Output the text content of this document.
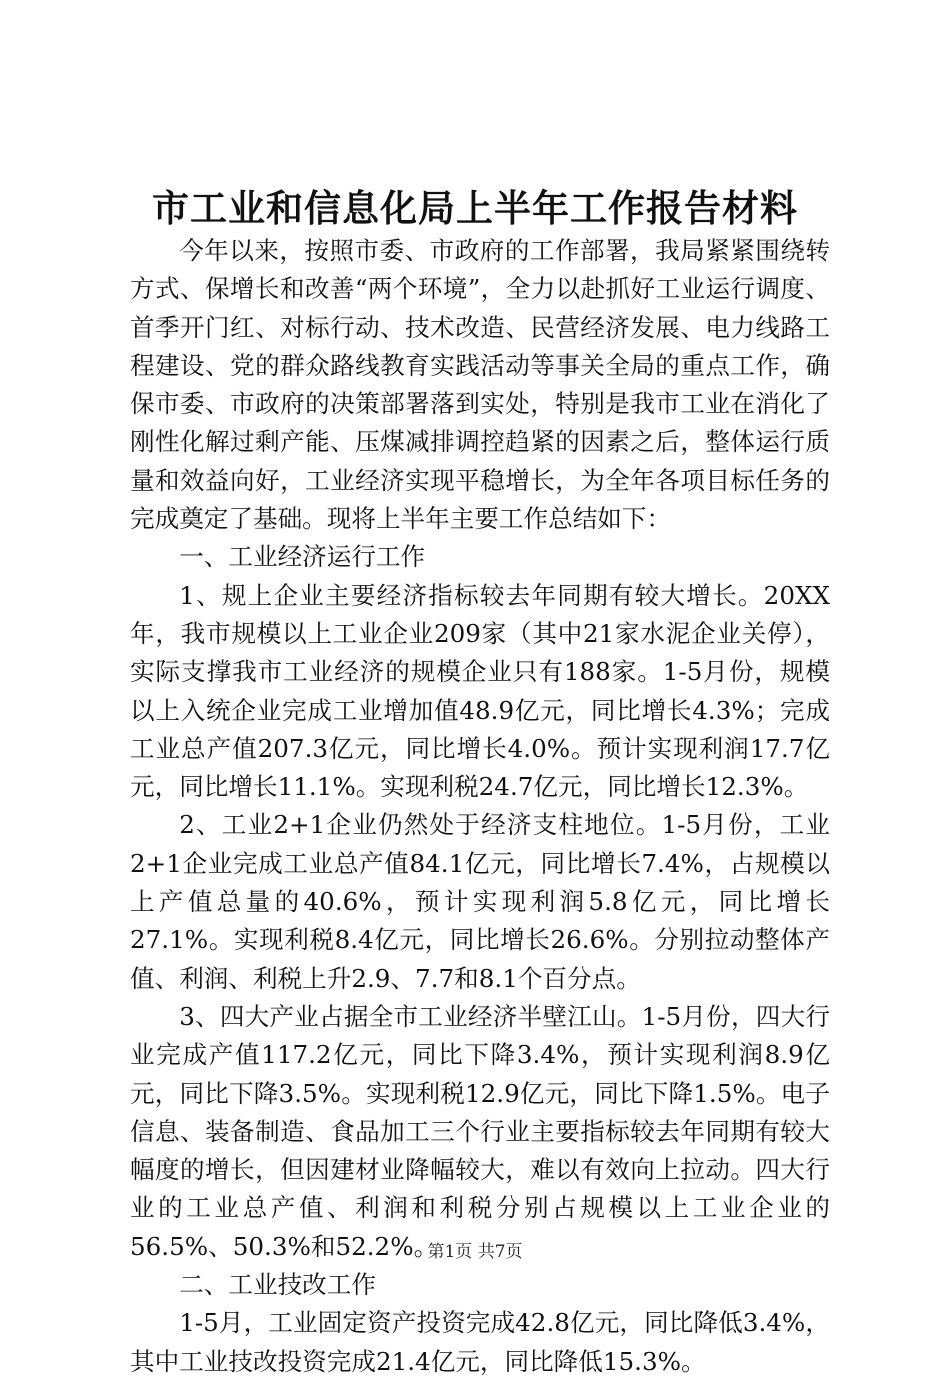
市工业和信息化局上半年工作报告材料

今年以来，按照市委、市政府的工作部署，我局紧紧围绕转方式、保增长和改善“两个环境”，全力以赴抓好工业运行调度、首季开门红、对标行动、技术改造、民营经济发展、电力线路工程建设、党的群众路线教育实践活动等事关全局的重点工作，确保市委、市政府的决策部署落到实处，特别是我市工业在消化了刚性化解过剩产能、压煤减排调控趋紧的因素之后，整体运行质量和效益向好，工业经济实现平稳增长，为全年各项目标任务的完成奠定了基础。现将上半年主要工作总结如下：

一、工业经济运行工作

1、规上企业主要经济指标较去年同期有较大增长。20XX年，我市规模以上工业企业209家（其中21家水泥企业关停），实际支撑我市工业经济的规模企业只有188家。1-5月份，规模以上入统企业完成工业增加值48.9亿元，同比增长4.3%；完成工业总产值207.3亿元，同比增长4.0%。预计实现利润17.7亿元，同比增长11.1%。实现利税24.7亿元，同比增长12.3%。

2、工业2+1企业仍然处于经济支柱地位。1-5月份，工业2+1企业完成工业总产值84.1亿元，同比增长7.4%，占规模以上产值总量的40.6%，预计实现利润5.8亿元，同比增长27.1%。实现利税8.4亿元，同比增长26.6%。分别拉动整体产值、利润、利税上升2.9、7.7和8.1个百分点。

3、四大产业占据全市工业经济半壁江山。1-5月份，四大行业完成产值117.2亿元，同比下降3.4%，预计实现利润8.9亿元，同比下降3.5%。实现利税12.9亿元，同比下降1.5%。电子信息、装备制造、食品加工三个行业主要指标较去年同期有较大幅度的增长，但因建材业降幅较大，难以有效向上拉动。四大行业的工业总产值、利润和利税分别占规模以上工业企业的56.5%、50.3%和52.2%。

二、工业技改工作

1-5月，工业固定资产投资完成42.8亿元，同比降低3.4%，其中工业技改投资完成21.4亿元，同比降低15.3%。

第1页 共7页
